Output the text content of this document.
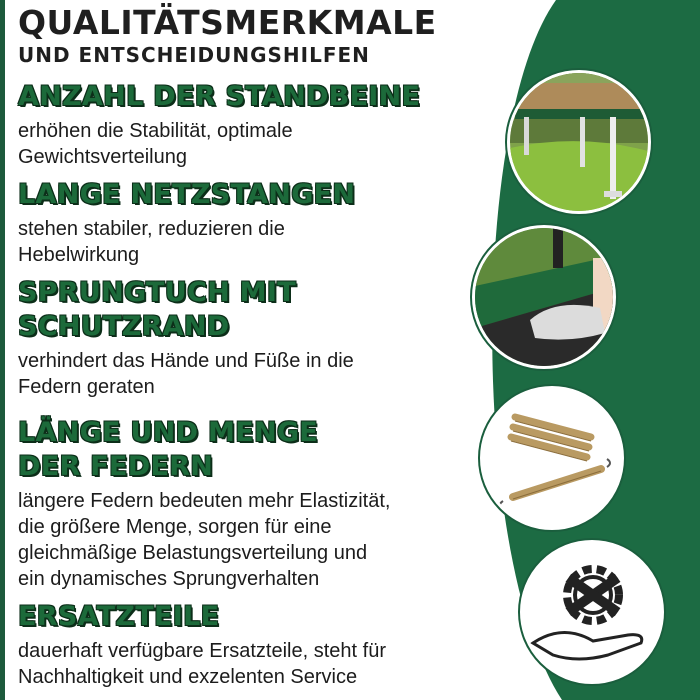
QUALITÄTSMERKMALE
UND ENTSCHEIDUNGSHILFEN
ANZAHL DER STANDBEINE
erhöhen die Stabilität, optimale
Gewichtsverteilung
LANGE NETZSTANGEN
stehen stabiler, reduzieren die
Hebelwirkung
SPRUNGTUCH MIT
SCHUTZRAND
verhindert das Hände und Füße in die
Federn geraten
LÄNGE UND MENGE
DER FEDERN
längere Federn bedeuten mehr Elastizität,
die größere Menge, sorgen für eine
gleichmäßige Belastungsverteilung und
ein dynamisches Sprungverhalten
ERSATZTEILE
dauerhaft verfügbare Ersatzteile, steht für
Nachhaltigkeit und exzelenten Service
